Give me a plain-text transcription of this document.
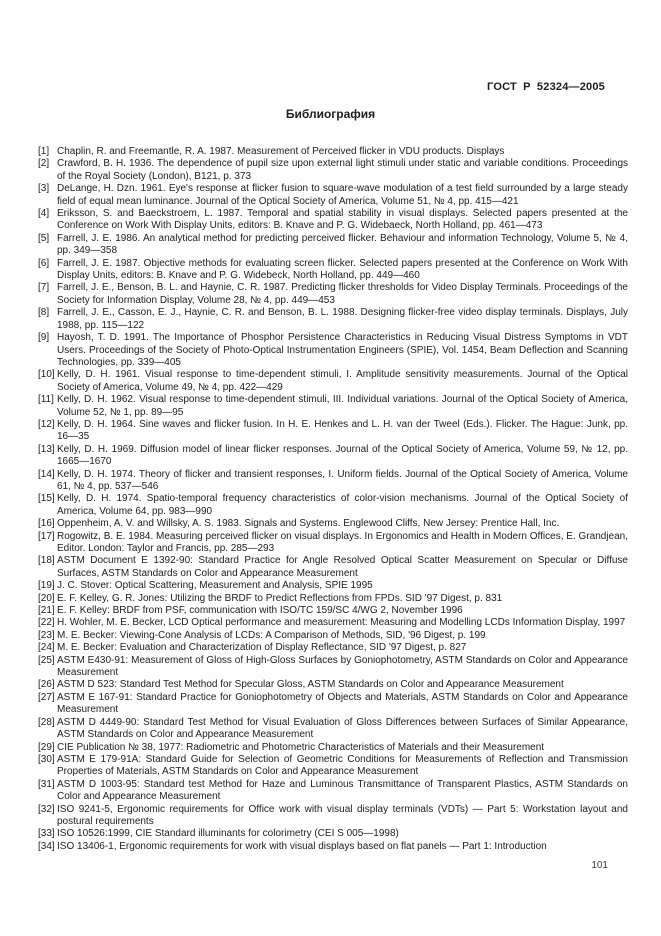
ГОСТ Р 52324—2005
Библиография
[1] Chaplin, R. and Freemantle, R. A. 1987. Measurement of Perceived flicker in VDU products. Displays
[2] Crawford, B. H. 1936. The dependence of pupil size upon external light stimuli under static and variable conditions. Proceedings of the Royal Society (London), B121, p. 373
[3] DeLange, H. Dzn. 1961. Eye's response at flicker fusion to square-wave modulation of a test field surrounded by a large steady field of equal mean luminance. Journal of the Optical Society of America, Volume 51, № 4, pp. 415—421
[4] Eriksson, S. and Baeckstroem, L. 1987. Temporal and spatial stability in visual displays. Selected papers presented at the Conference on Work With Display Units, editors: B. Knave and P. G. Widebaeck, North Holland, pp. 461—473
[5] Farrell, J. E. 1986. An analytical method for predicting perceived flicker. Behaviour and information Technology, Volume 5, № 4, pp. 349—358
[6] Farrell, J. E. 1987. Objective methods for evaluating screen flicker. Selected papers presented at the Conference on Work With Display Units, editors: B. Knave and P. G. Widebeck, North Holland, pp. 449—460
[7] Farrell, J. E., Benson, B. L. and Haynie, C. R. 1987. Predicting flicker thresholds for Video Display Terminals. Proceedings of the Society for Information Display, Volume 28, № 4, pp. 449—453
[8] Farrell, J. E., Casson, E. J., Haynie, C. R. and Benson, B. L. 1988. Designing flicker-free video display terminals. Displays, July 1988, pp. 115—122
[9] Hayosh, T. D. 1991. The Importance of Phosphor Persistence Characteristics in Reducing Visual Distress Symptoms in VDT Users. Proceedings of the Society of Photo-Optical Instrumentation Engineers (SPIE), Vol. 1454, Beam Deflection and Scanning Technologies, pp. 339—405
[10] Kelly, D. H. 1961. Visual response to time-dependent stimuli, I. Amplitude sensitivity measurements. Journal of the Optical Society of America, Volume 49, № 4, pp. 422—429
[11] Kelly, D. H. 1962. Visual response to time-dependent stimuli, III. Individual variations. Journal of the Optical Society of America, Volume 52, № 1, pp. 89—95
[12] Kelly, D. H. 1964. Sine waves and flicker fusion. In H. E. Henkes and L. H. van der Tweel (Eds.). Flicker. The Hague: Junk, pp. 16—35
[13] Kelly, D. H. 1969. Diffusion model of linear flicker responses. Journal of the Optical Society of America, Volume 59, № 12, pp. 1665—1670
[14] Kelly, D. H. 1974. Theory of flicker and transient responses, I. Uniform fields. Journal of the Optical Society of America, Volume 61, № 4, pp. 537—546
[15] Kelly, D. H. 1974. Spatio-temporal frequency characteristics of color-vision mechanisms. Journal of the Optical Society of America, Volume 64, pp. 983—990
[16] Oppenheim, A. V. and Willsky, A. S. 1983. Signals and Systems. Englewood Cliffs, New Jersey: Prentice Hall, Inc.
[17] Rogowitz, B. E. 1984. Measuring perceived flicker on visual displays. In Ergonomics and Health in Modern Offices, E. Grandjean, Editor. London: Taylor and Francis, pp. 285—293
[18] ASTM Document E 1392-90: Standard Practice for Angle Resolved Optical Scatter Measurement on Specular or Diffuse Surfaces, ASTM Standards on Color and Appearance Measurement
[19] J. C. Stover: Optical Scattering, Measurement and Analysis, SPIE 1995
[20] E. F. Kelley, G. R. Jones: Utilizing the BRDF to Predict Reflections from FPDs. SID '97 Digest, p. 831
[21] E. F. Kelley: BRDF from PSF, communication with ISO/TC 159/SC 4/WG 2, November 1996
[22] H. Wohler, M. E. Becker, LCD Optical performance and measurement: Measuring and Modelling LCDs Information Display, 1997
[23] M. E. Becker: Viewing-Cone Analysis of LCDs: A Comparison of Methods, SID, '96 Digest, p. 199
[24] M. E. Becker: Evaluation and Characterization of Display Reflectance, SID '97 Digest, p. 827
[25] ASTM E430-91: Measurement of Gloss of High-Gloss Surfaces by Goniophotometry, ASTM Standards on Color and Appearance Measurement
[26] ASTM D 523: Standard Test Method for Specular Gloss, ASTM Standards on Color and Appearance Measurement
[27] ASTM E 167-91: Standard Practice for Goniophotometry of Objects and Materials, ASTM Standards on Color and Appearance Measurement
[28] ASTM D 4449-90: Standard Test Method for Visual Evaluation of Gloss Differences between Surfaces of Similar Appearance, ASTM Standards on Color and Appearance Measurement
[29] CIE Publication № 38, 1977: Radiometric and Photometric Characteristics of Materials and their Measurement
[30] ASTM E 179-91A: Standard Guide for Selection of Geometric Conditions for Measurements of Reflection and Transmission Properties of Materials, ASTM Standards on Color and Appearance Measurement
[31] ASTM D 1003-95: Standard test Method for Haze and Luminous Transmittance of Transparent Plastics, ASTM Standards on Color and Appearance Measurement
[32] ISO 9241-5, Ergonomic requirements for Office work with visual display terminals (VDTs) — Part 5: Workstation layout and postural requirements
[33] ISO 10526:1999, CIE Standard illuminants for colorimetry (CEI S 005—1998)
[34] ISO 13406-1, Ergonomic requirements for work with visual displays based on flat panels — Part 1: Introduction
101
